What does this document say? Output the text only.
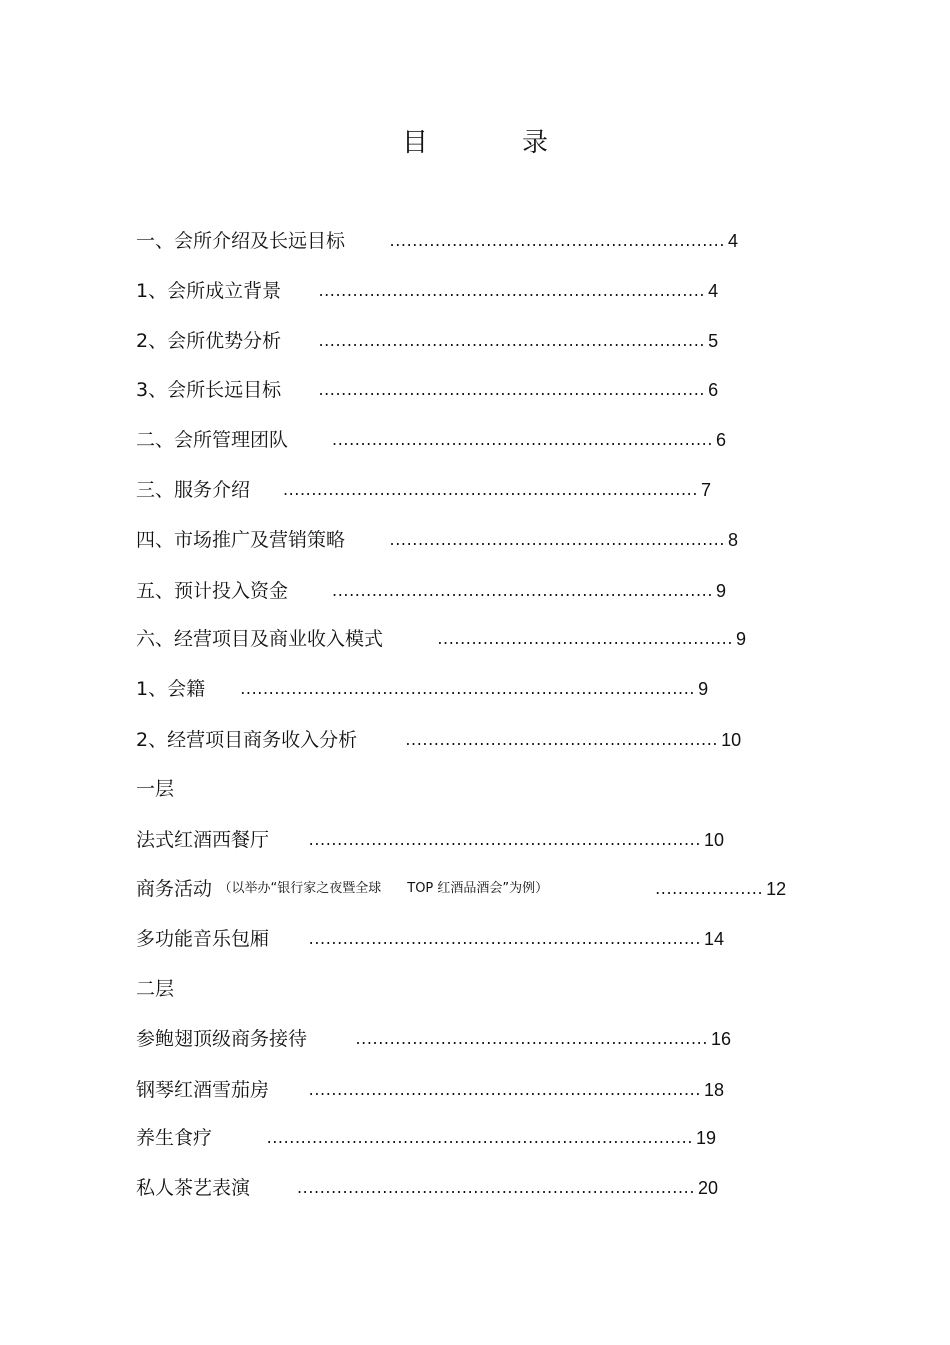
目　录
一、会所介绍及长远目标	........................................................... 4
1、会所成立背景 .................................................................... 4
2、会所优势分析 .................................................................... 5
3、会所长远目标 .................................................................... 6
二、会所管理团队	................................................................... 6
三、服务介绍 ......................................................................... 7
四、市场推广及营销策略	........................................................... 8
五、预计投入资金	................................................................... 9
六、经营项目及商业收入模式	.................................................... 9
1、会籍 ................................................................................ 9
2、经营项目商务收入分析	....................................................... 10
一层
法式红酒西餐厅 ..................................................................... 10
商务活动　（以举办“银行家之夜暨全球　　TOP 红酒品酒会”为例）	................... 12
多功能音乐包厢 ..................................................................... 14
二层
参鲍翅顶级商务接待	.............................................................. 16
钢琴红酒雪茄房 ..................................................................... 18
养生食疗	........................................................................... 19
私人茶艺表演	...................................................................... 20
